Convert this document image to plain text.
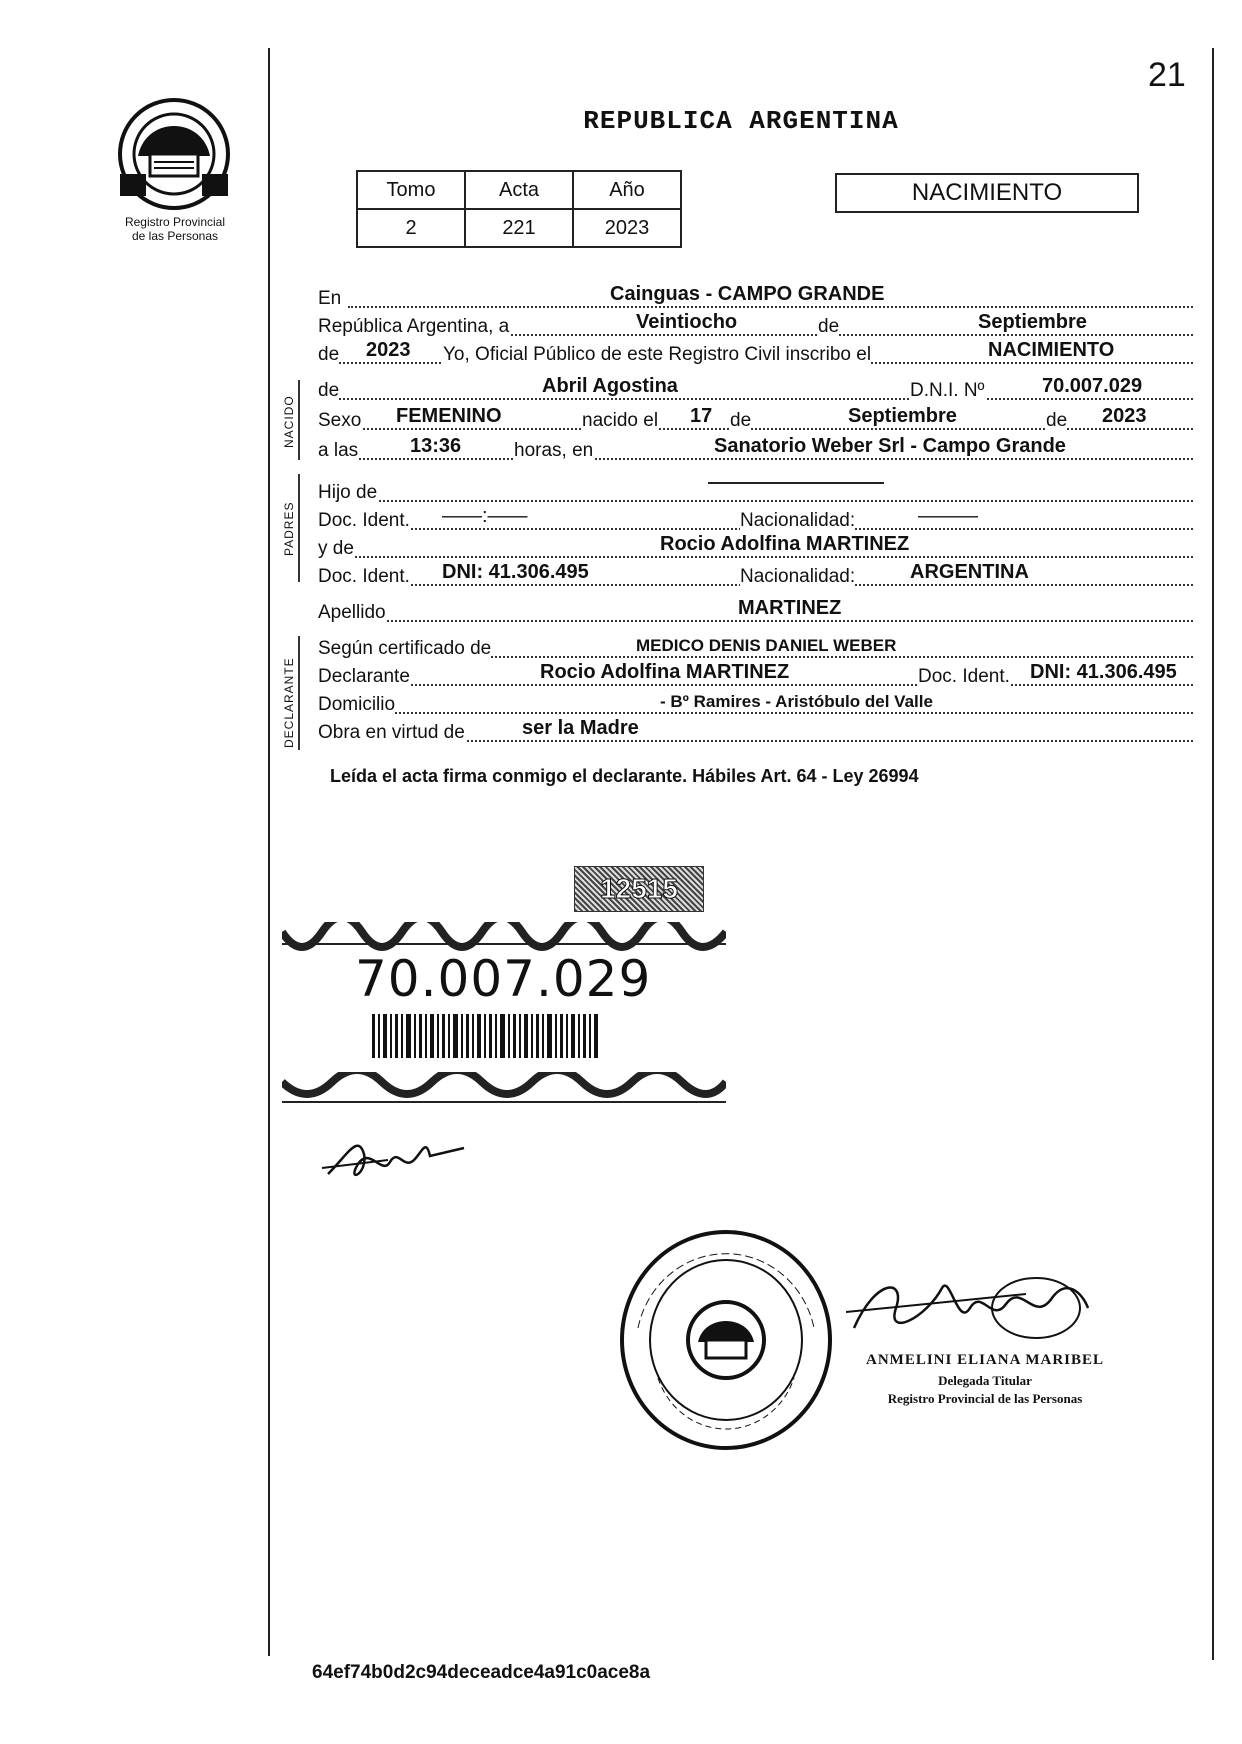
21
REPUBLICA ARGENTINA
Registro Provincial
de las Personas
Tomo	Acta	Año
2	221	2023
NACIMIENTO
En	Cainguas - CAMPO GRANDE
República Argentina, a	Veintiocho	de	Septiembre
de 2023 Yo, Oficial Público de este Registro Civil inscribo el	NACIMIENTO
NACIDO
de	Abril Agostina	D.N.I. Nº	70.007.029
Sexo FEMENINO	nacido el 17 de	Septiembre	de 2023
a las	13:36	horas, en	Sanatorio Weber Srl - Campo Grande
PADRES
Hijo de
Doc. Ident. ——:——	Nacionalidad:	———
y de	Rocio Adolfina MARTINEZ
Doc. Ident. DNI: 41.306.495	Nacionalidad:	ARGENTINA
Apellido	MARTINEZ
DECLARANTE
Según certificado de	MEDICO DENIS DANIEL WEBER
Declarante	Rocio Adolfina MARTINEZ	Doc. Ident. DNI: 41.306.495
Domicilio	- Bº Ramires - Aristóbulo del Valle
Obra en virtud de	ser la Madre
Leída el acta firma conmigo el declarante. Hábiles Art. 64 - Ley 26994
12515
70.007.029
ANMELINI ELIANA MARIBEL
Delegada Titular
Registro Provincial de las Personas
64ef74b0d2c94deceadce4a91c0ace8a
